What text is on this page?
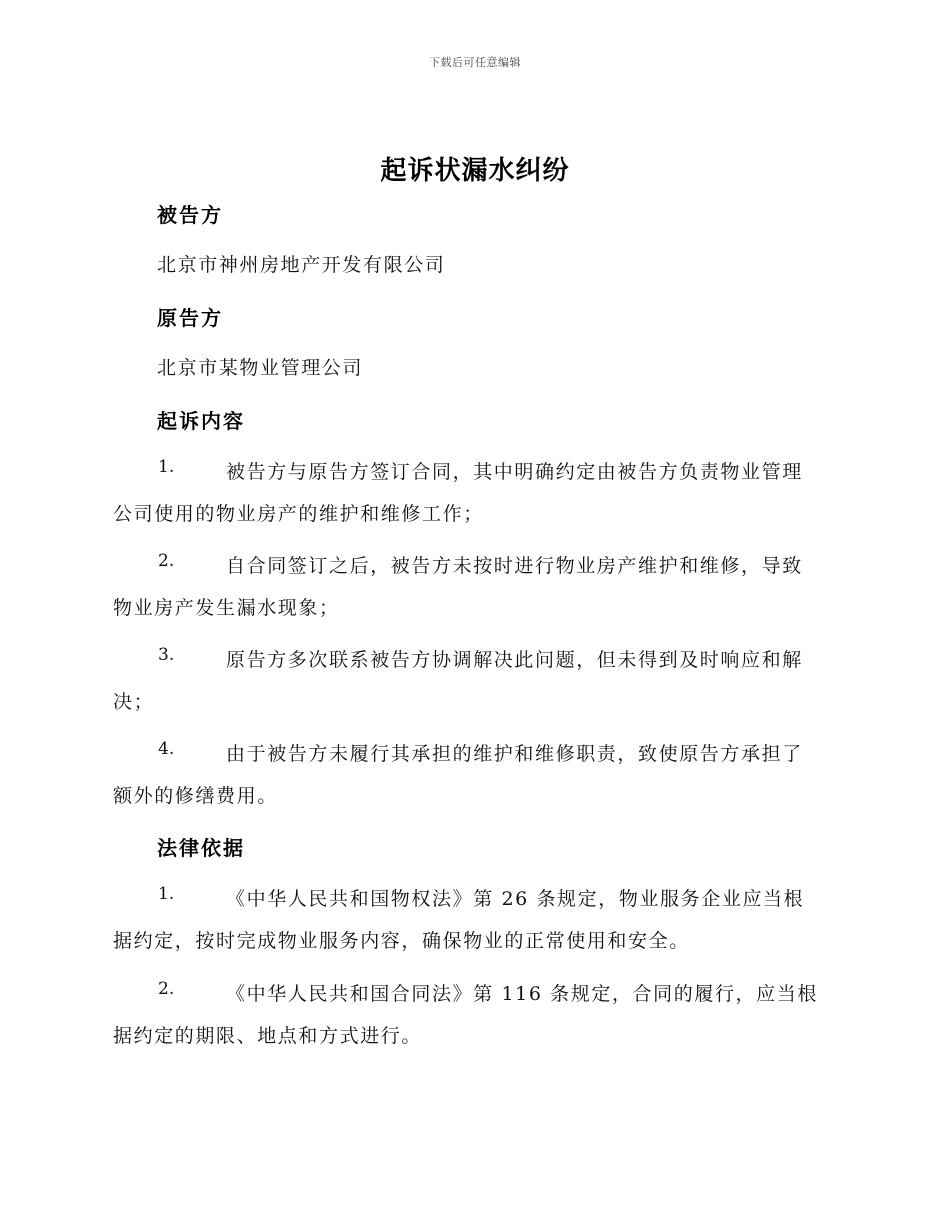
下载后可任意编辑
起诉状漏水纠纷
被告方
北京市神州房地产开发有限公司
原告方
北京市某物业管理公司
起诉内容
1.	被告方与原告方签订合同，其中明确约定由被告方负责物业管理
公司使用的物业房产的维护和维修工作；
2.	自合同签订之后，被告方未按时进行物业房产维护和维修，导致
物业房产发生漏水现象；
3.	原告方多次联系被告方协调解决此问题，但未得到及时响应和解
决；
4.	由于被告方未履行其承担的维护和维修职责，致使原告方承担了
额外的修缮费用。
法律依据
1.	《中华人民共和国物权法》第 26 条规定，物业服务企业应当根
据约定，按时完成物业服务内容，确保物业的正常使用和安全。
2.	《中华人民共和国合同法》第 116 条规定，合同的履行，应当根
据约定的期限、地点和方式进行。
